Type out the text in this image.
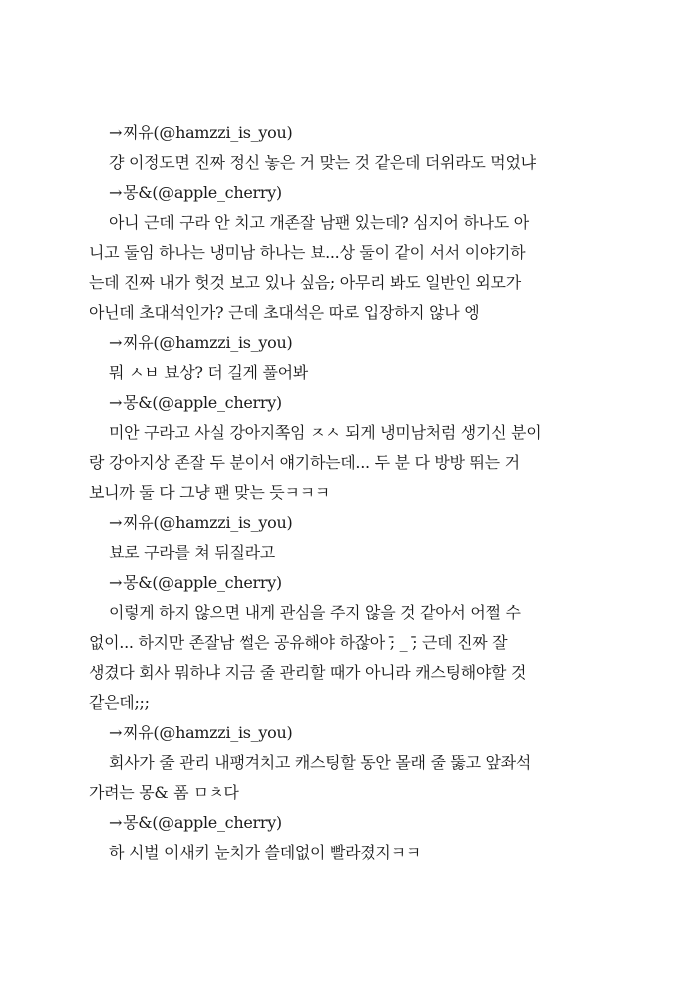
→찌유(@hamzzi_is_you)
걍 이정도면 진짜 정신 놓은 거 맞는 것 같은데 더위라도 먹었냐
→몽&(@apple_cherry)
아니 근데 구라 안 치고 개존잘 남팬 있는데? 심지어 하나도 아
니고 둘임 하나는 냉미남 하나는 뵤...상 둘이 같이 서서 이야기하
는데 진짜 내가 헛것 보고 있나 싶음; 아무리 봐도 일반인 외모가
아닌데 초대석인가? 근데 초대석은 따로 입장하지 않나 엥
→찌유(@hamzzi_is_you)
뭐 ㅅㅂ 뵤상? 더 길게 풀어봐
→몽&(@apple_cherry)
미안 구라고 사실 강아지쪽임 ㅈㅅ 되게 냉미남처럼 생기신 분이
랑 강아지상 존잘 두 분이서 얘기하는데... 두 분 다 방방 뛰는 거
보니까 둘 다 그냥 팬 맞는 듯ㅋㅋㅋ
→찌유(@hamzzi_is_you)
뵤로 구라를 쳐 뒤질라고
→몽&(@apple_cherry)
이렇게 하지 않으면 내게 관심을 주지 않을 것 같아서 어쩔 수
없이... 하지만 존잘남 썰은 공유해야 하잖아 ;̄ _ ;̄ 근데 진짜 잘
생겼다 회사 뭐하냐 지금 줄 관리할 때가 아니라 캐스팅해야할 것
같은데;;;
→찌유(@hamzzi_is_you)
회사가 줄 관리 내팽겨치고 캐스팅할 동안 몰래 줄 뚫고 앞좌석
가려는 몽& 폼 ㅁㅊ다
→몽&(@apple_cherry)
하 시벌 이새키 눈치가 쓸데없이 빨라졌지ㅋㅋ
